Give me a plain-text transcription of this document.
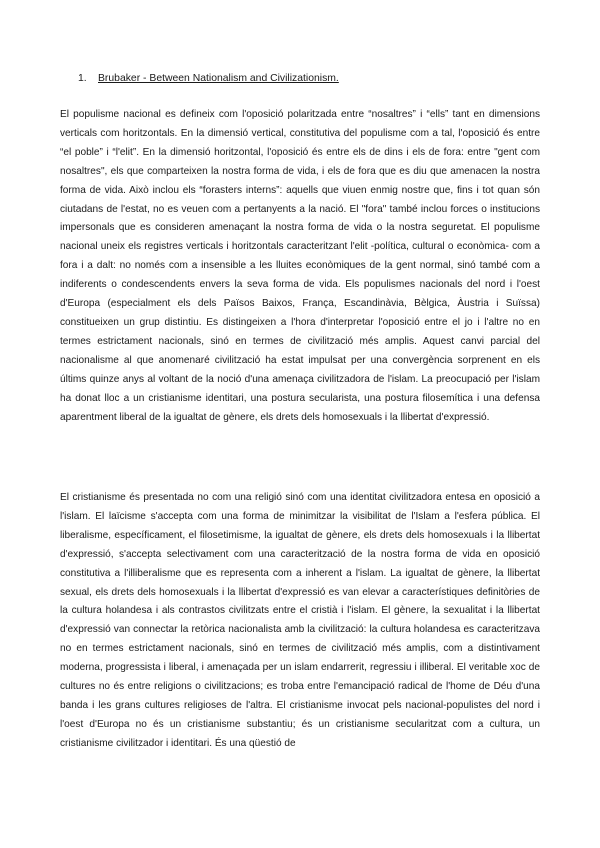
1. Brubaker - Between Nationalism and Civilizationism.

El populisme nacional es defineix com l'oposició polaritzada entre “nosaltres” i “ells” tant en dimensions verticals com horitzontals. En la dimensió vertical, constitutiva del populisme com a tal, l'oposició és entre “el poble” i “l'elit”. En la dimensió horitzontal, l'oposició és entre els de dins i els de fora: entre "gent com nosaltres", els que comparteixen la nostra forma de vida, i els de fora que es diu que amenacen la nostra forma de vida. Això inclou els “forasters interns”: aquells que viuen enmig nostre que, fins i tot quan són ciutadans de l'estat, no es veuen com a pertanyents a la nació. El "fora" també inclou forces o institucions impersonals que es consideren amenaçant la nostra forma de vida o la nostra seguretat. El populisme nacional uneix els registres verticals i horitzontals caracteritzant l'elit -política, cultural o econòmica- com a fora i a dalt: no només com a insensible a les lluites econòmiques de la gent normal, sinó també com a indiferents o condescendents envers la seva forma de vida. Els populismes nacionals del nord i l'oest d'Europa (especialment els dels Països Baixos, França, Escandinàvia, Bèlgica, Àustria i Suïssa) constitueixen un grup distintiu. Es distingeixen a l'hora d'interpretar l'oposició entre el jo i l'altre no en termes estrictament nacionals, sinó en termes de civilització més amplis. Aquest canvi parcial del nacionalisme al que anomenaré civilització ha estat impulsat per una convergència sorprenent en els últims quinze anys al voltant de la noció d'una amenaça civilitzadora de l'islam. La preocupació per l'islam ha donat lloc a un cristianisme identitari, una postura secularista, una postura filosemítica i una defensa aparentment liberal de la igualtat de gènere, els drets dels homosexuals i la llibertat d'expressió.

El cristianisme és presentada no com una religió sinó com una identitat civilitzadora entesa en oposició a l'islam. El laïcisme s'accepta com una forma de minimitzar la visibilitat de l'Islam a l'esfera pública. El liberalisme, específicament, el filosetimisme, la igualtat de gènere, els drets dels homosexuals i la llibertat d'expressió, s'accepta selectivament com una caracterització de la nostra forma de vida en oposició constitutiva a l'illiberalisme que es representa com a inherent a l'islam. La igualtat de gènere, la llibertat sexual, els drets dels homosexuals i la llibertat d'expressió es van elevar a característiques definitòries de la cultura holandesa i als contrastos civilitzats entre el cristià i l'islam. El gènere, la sexualitat i la llibertat d'expressió van connectar la retòrica nacionalista amb la civilització: la cultura holandesa es caracteritzava no en termes estrictament nacionals, sinó en termes de civilització més amplis, com a distintivament moderna, progressista i liberal, i amenaçada per un islam endarrerit, regressiu i illiberal. El veritable xoc de cultures no és entre religions o civilitzacions; es troba entre l'emancipació radical de l'home de Déu d'una banda i les grans cultures religioses de l'altra. El cristianisme invocat pels nacional-populistes del nord i l'oest d'Europa no és un cristianisme substantiu; és un cristianisme secularitzat com a cultura, un cristianisme civilitzador i identitari. És una qüestió de
